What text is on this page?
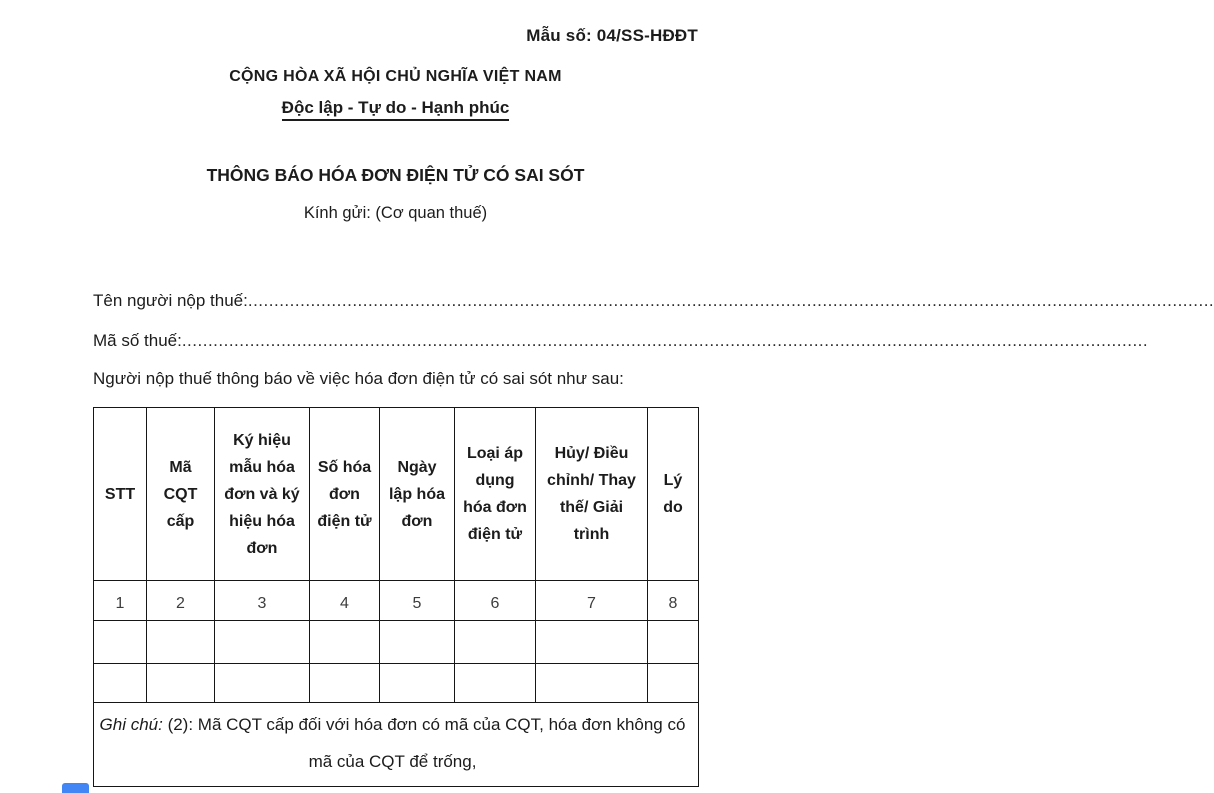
Mẫu số: 04/SS-HĐĐT
CỘNG HÒA XÃ HỘI CHỦ NGHĨA VIỆT NAM
Độc lập - Tự do - Hạnh phúc
THÔNG BÁO HÓA ĐƠN ĐIỆN TỬ CÓ SAI SÓT
Kính gửi: (Cơ quan thuế)
Tên người nộp thuế: .........................................................................................................................................................................................
Mã số thuế: .........................................................................................................................................................................................
Người nộp thuế thông báo về việc hóa đơn điện tử có sai sót như sau:
STT	Mã CQT cấp	Ký hiệu mẫu hóa đơn và ký hiệu hóa đơn	Số hóa đơn điện tử	Ngày lập hóa đơn	Loại áp dụng hóa đơn điện tử	Hủy/ Điều chỉnh/ Thay thế/ Giải trình	Lý do
1	2	3	4	5	6	7	8

Ghi chú: (2): Mã CQT cấp đối với hóa đơn có mã của CQT, hóa đơn không có mã của CQT để trống,							
